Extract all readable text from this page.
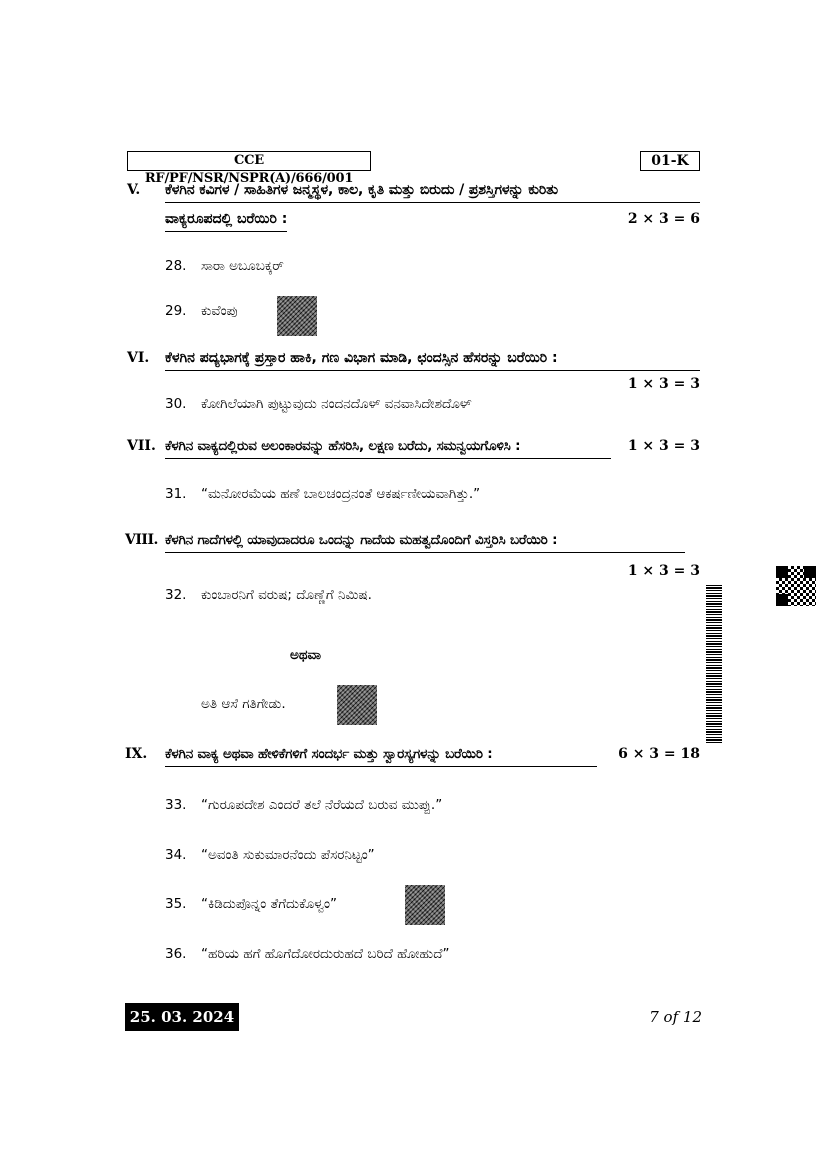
CCE RF/PF/NSR/NSPR(A)/666/001
01-K
V. ಕೆಳಗಿನ ಕವಿಗಳ / ಸಾಹಿತಿಗಳ ಜನ್ಮಸ್ಥಳ, ಕಾಲ, ಕೃತಿ ಮತ್ತು ಬಿರುದು / ಪ್ರಶಸ್ತಿಗಳನ್ನು ಕುರಿತು
ವಾಕ್ಯರೂಪದಲ್ಲಿ ಬರೆಯಿರಿ :	2 × 3 = 6
28. ಸಾರಾ ಅಬೂಬಕ್ಕರ್
29. ಕುವೆಂಪು
VI. ಕೆಳಗಿನ ಪದ್ಯಭಾಗಕ್ಕೆ ಪ್ರಸ್ತಾರ ಹಾಕಿ, ಗಣ ವಿಭಾಗ ಮಾಡಿ, ಛಂದಸ್ಸಿನ ಹೆಸರನ್ನು ಬರೆಯಿರಿ :
1 × 3 = 3
30. ಕೋಗಿಲೆಯಾಗಿ ಪುಟ್ಟುವುದು ನಂದನದೊಳ್ ವನವಾಸಿದೇಶದೊಳ್
VII. ಕೆಳಗಿನ ವಾಕ್ಯದಲ್ಲಿರುವ ಅಲಂಕಾರವನ್ನು ಹೆಸರಿಸಿ, ಲಕ್ಷಣ ಬರೆದು, ಸಮನ್ವಯಗೊಳಿಸಿ :	1 × 3 = 3
31. “ಮನೋರಮೆಯ ಹಣೆ ಬಾಲಚಂದ್ರನಂತೆ ಆಕರ್ಷಣೀಯವಾಗಿತ್ತು.”
VIII. ಕೆಳಗಿನ ಗಾದೆಗಳಲ್ಲಿ ಯಾವುದಾದರೂ ಒಂದನ್ನು ಗಾದೆಯ ಮಹತ್ವದೊಂದಿಗೆ ವಿಸ್ತರಿಸಿ ಬರೆಯಿರಿ :
1 × 3 = 3
32. ಕುಂಬಾರನಿಗೆ ವರುಷ; ದೊಣ್ಣೆಗೆ ನಿಮಿಷ.
ಅಥವಾ
ಅತಿ ಆಸೆ ಗತಿಗೇಡು.
IX. ಕೆಳಗಿನ ವಾಕ್ಯ ಅಥವಾ ಹೇಳಿಕೆಗಳಿಗೆ ಸಂದರ್ಭ ಮತ್ತು ಸ್ವಾರಸ್ಯಗಳನ್ನು ಬರೆಯಿರಿ :	6 × 3 = 18
33. “ಗುರೂಪದೇಶ ಎಂದರೆ ತಲೆ ನೆರೆಯದೆ ಬರುವ ಮುಪ್ಪು.”
34. “ಅವಂತಿ ಸುಕುಮಾರನೆಂದು ಪೆಸರನಿಟ್ಟಂ”
35. “ಕಿಡಿದುಪೊನ್ನಂ ತೆಗೆದುಕೊಳ್ವಂ”
36. “ಹರಿಯ ಹಗೆ ಹೊಗೆದೋರದುರುಹದೆ ಬರಿದೆ ಹೋಹುದೆ”
25. 03. 2024	7 of 12
